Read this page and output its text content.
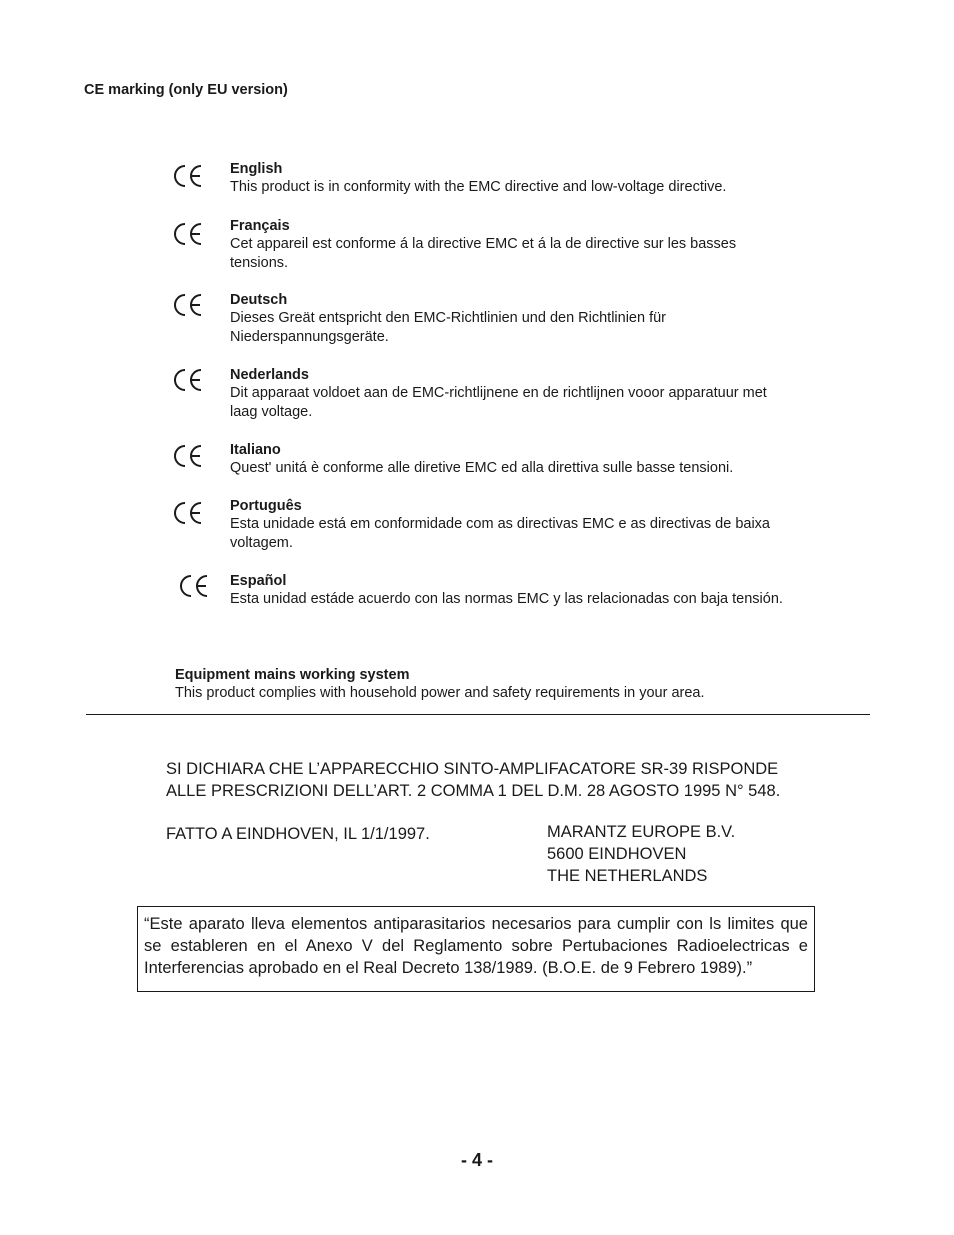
CE marking (only EU version)
English
This product is in conformity with the EMC directive and low-voltage directive.
Français
Cet appareil est conforme á la directive EMC et á la de directive sur les basses tensions.
Deutsch
Dieses Greät entspricht den EMC-Richtlinien und den Richtlinien für Niederspannungsgeräte.
Nederlands
Dit apparaat voldoet aan de EMC-richtlijnene en de richtlijnen vooor apparatuur met laag voltage.
Italiano
Quest' unitá è conforme alle diretive EMC ed alla direttiva sulle basse tensioni.
Português
Esta unidade está em conformidade com as directivas EMC e as directivas de baixa voltagem.
Español
Esta unidad estáde acuerdo con las normas EMC y las relacionadas con baja tensión.
Equipment mains working system
This product complies with household power and safety requirements in your area.
SI DICHIARA CHE L’APPARECCHIO SINTO-AMPLIFACATORE SR-39 RISPONDE
ALLE PRESCRIZIONI DELL’ART. 2 COMMA 1 DEL D.M. 28 AGOSTO 1995 N° 548.
FATTO A EINDHOVEN, IL 1/1/1997.	MARANTZ EUROPE B.V.
5600 EINDHOVEN
THE NETHERLANDS
“Este aparato lleva elementos antiparasitarios necesarios para cumplir con ls limites que se estableren en el Anexo V del Reglamento sobre Pertubaciones Radioelectricas e Interferencias aprobado en el Real Decreto 138/1989. (B.O.E. de 9 Febrero 1989).”
- 4 -
